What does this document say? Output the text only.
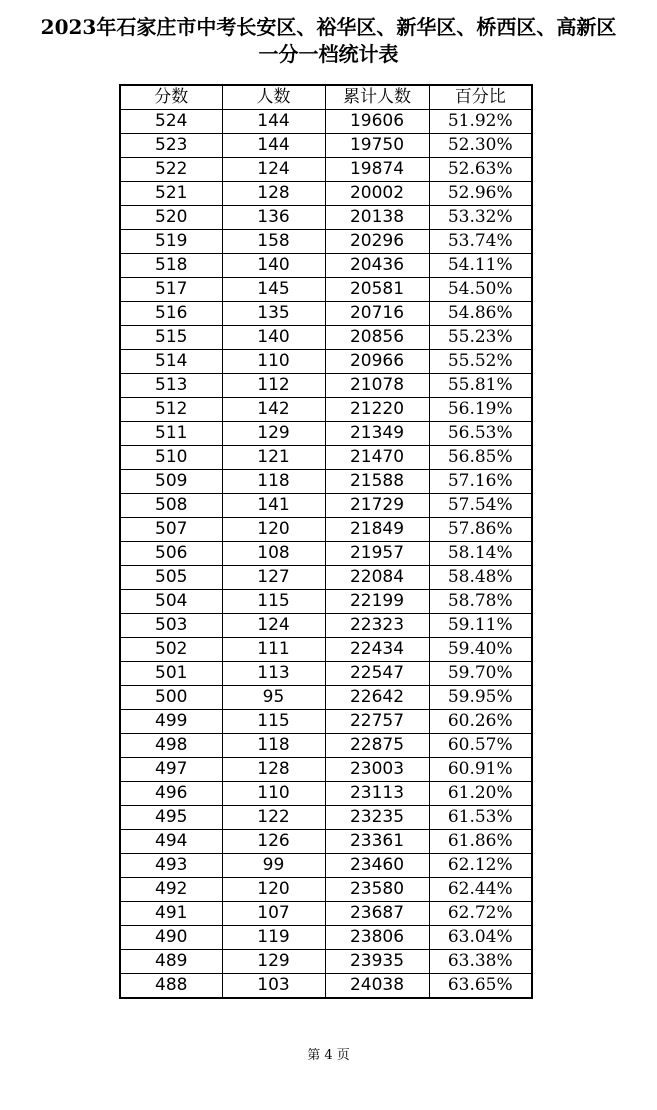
2023年石家庄市中考长安区、裕华区、新华区、桥西区、高新区
一分一档统计表
分数	人数	累计人数	百分比
524	144	19606	51.92%
523	144	19750	52.30%
522	124	19874	52.63%
521	128	20002	52.96%
520	136	20138	53.32%
519	158	20296	53.74%
518	140	20436	54.11%
517	145	20581	54.50%
516	135	20716	54.86%
515	140	20856	55.23%
514	110	20966	55.52%
513	112	21078	55.81%
512	142	21220	56.19%
511	129	21349	56.53%
510	121	21470	56.85%
509	118	21588	57.16%
508	141	21729	57.54%
507	120	21849	57.86%
506	108	21957	58.14%
505	127	22084	58.48%
504	115	22199	58.78%
503	124	22323	59.11%
502	111	22434	59.40%
501	113	22547	59.70%
500	95	22642	59.95%
499	115	22757	60.26%
498	118	22875	60.57%
497	128	23003	60.91%
496	110	23113	61.20%
495	122	23235	61.53%
494	126	23361	61.86%
493	99	23460	62.12%
492	120	23580	62.44%
491	107	23687	62.72%
490	119	23806	63.04%
489	129	23935	63.38%
488	103	24038	63.65%
第 4 页
